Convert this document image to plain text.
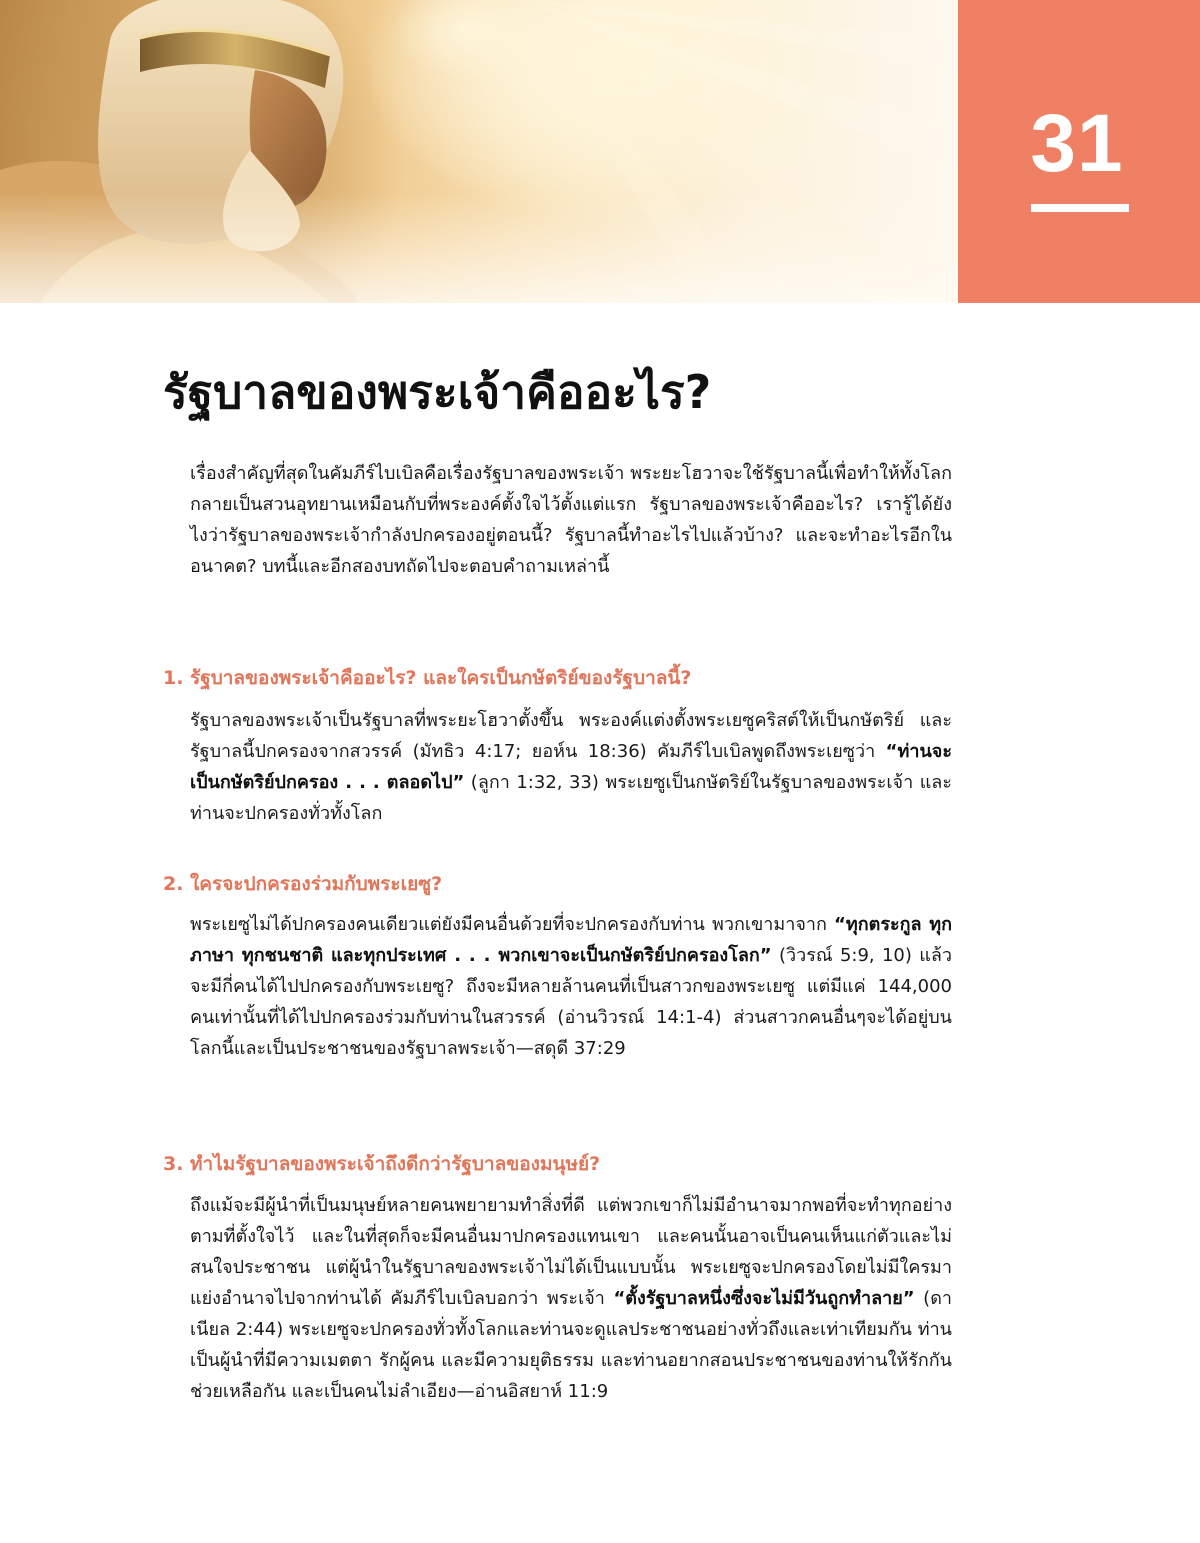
31
รัฐบาลของพระเจ้าคืออะไร?

เรื่องสำคัญที่สุดในคัมภีร์ไบเบิลคือเรื่องรัฐบาลของพระเจ้า พระยะโฮวาจะใช้รัฐบาลนี้เพื่อทำให้ทั้งโลกกลายเป็นสวนอุทยานเหมือนกับที่พระองค์ตั้งใจไว้ตั้งแต่แรก รัฐบาลของพระเจ้าคืออะไร? เรารู้ได้ยังไงว่ารัฐบาลของพระเจ้ากำลังปกครองอยู่ตอนนี้? รัฐบาลนี้ทำอะไรไปแล้วบ้าง? และจะทำอะไรอีกในอนาคต? บทนี้และอีกสองบทถัดไปจะตอบคำถามเหล่านี้

1. รัฐบาลของพระเจ้าคืออะไร? และใครเป็นกษัตริย์ของรัฐบาลนี้?

รัฐบาลของพระเจ้าเป็นรัฐบาลที่พระยะโฮวาตั้งขึ้น พระองค์แต่งตั้งพระเยซูคริสต์ให้เป็นกษัตริย์ และรัฐบาลนี้ปกครองจากสวรรค์ (มัทธิว 4:17; ยอห์น 18:36) คัมภีร์ไบเบิลพูดถึงพระเยซูว่า “ท่านจะเป็นกษัตริย์ปกครอง . . . ตลอดไป” (ลูกา 1:32, 33) พระเยซูเป็นกษัตริย์ในรัฐบาลของพระเจ้า และท่านจะปกครองทั่วทั้งโลก

2. ใครจะปกครองร่วมกับพระเยซู?

พระเยซูไม่ได้ปกครองคนเดียวแต่ยังมีคนอื่นด้วยที่จะปกครองกับท่าน พวกเขามาจาก “ทุกตระกูล ทุกภาษา ทุกชนชาติ และทุกประเทศ . . . พวกเขาจะเป็นกษัตริย์ปกครองโลก” (วิวรณ์ 5:9, 10) แล้วจะมีกี่คนได้ไปปกครองกับพระเยซู? ถึงจะมีหลายล้านคนที่เป็นสาวกของพระเยซู แต่มีแค่ 144,000 คนเท่านั้นที่ได้ไปปกครองร่วมกับท่านในสวรรค์ (อ่านวิวรณ์ 14:1-4) ส่วนสาวกคนอื่นๆจะได้อยู่บนโลกนี้และเป็นประชาชนของรัฐบาลพระเจ้า—สดุดี 37:29

3. ทำไมรัฐบาลของพระเจ้าถึงดีกว่ารัฐบาลของมนุษย์?

ถึงแม้จะมีผู้นำที่เป็นมนุษย์หลายคนพยายามทำสิ่งที่ดี แต่พวกเขาก็ไม่มีอำนาจมากพอที่จะทำทุกอย่างตามที่ตั้งใจไว้ และในที่สุดก็จะมีคนอื่นมาปกครองแทนเขา และคนนั้นอาจเป็นคนเห็นแก่ตัวและไม่สนใจประชาชน แต่ผู้นำในรัฐบาลของพระเจ้าไม่ได้เป็นแบบนั้น พระเยซูจะปกครองโดยไม่มีใครมาแย่งอำนาจไปจากท่านได้ คัมภีร์ไบเบิลบอกว่า พระเจ้า “ตั้งรัฐบาลหนึ่งซึ่งจะไม่มีวันถูกทำลาย” (ดาเนียล 2:44) พระเยซูจะปกครองทั่วทั้งโลกและท่านจะดูแลประชาชนอย่างทั่วถึงและเท่าเทียมกัน ท่านเป็นผู้นำที่มีความเมตตา รักผู้คน และมีความยุติธรรม และท่านอยากสอนประชาชนของท่านให้รักกัน ช่วยเหลือกัน และเป็นคนไม่ลำเอียง—อ่านอิสยาห์ 11:9
